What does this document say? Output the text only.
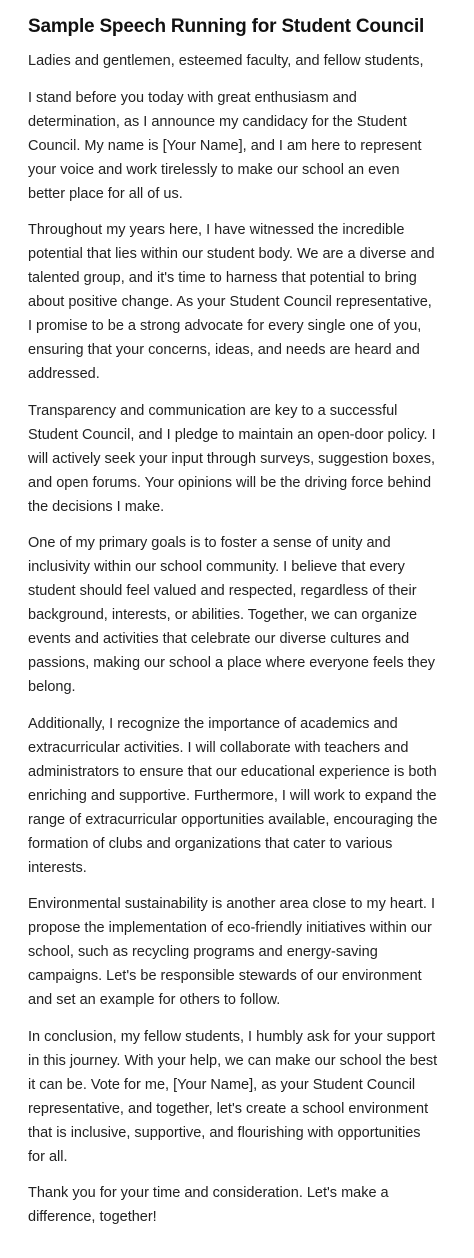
Sample Speech Running for Student Council

Ladies and gentlemen, esteemed faculty, and fellow students,

I stand before you today with great enthusiasm and determination, as I announce my candidacy for the Student Council. My name is [Your Name], and I am here to represent your voice and work tirelessly to make our school an even better place for all of us.

Throughout my years here, I have witnessed the incredible potential that lies within our student body. We are a diverse and talented group, and it's time to harness that potential to bring about positive change. As your Student Council representative, I promise to be a strong advocate for every single one of you, ensuring that your concerns, ideas, and needs are heard and addressed.

Transparency and communication are key to a successful Student Council, and I pledge to maintain an open-door policy. I will actively seek your input through surveys, suggestion boxes, and open forums. Your opinions will be the driving force behind the decisions I make.

One of my primary goals is to foster a sense of unity and inclusivity within our school community. I believe that every student should feel valued and respected, regardless of their background, interests, or abilities. Together, we can organize events and activities that celebrate our diverse cultures and passions, making our school a place where everyone feels they belong.

Additionally, I recognize the importance of academics and extracurricular activities. I will collaborate with teachers and administrators to ensure that our educational experience is both enriching and supportive. Furthermore, I will work to expand the range of extracurricular opportunities available, encouraging the formation of clubs and organizations that cater to various interests.

Environmental sustainability is another area close to my heart. I propose the implementation of eco-friendly initiatives within our school, such as recycling programs and energy-saving campaigns. Let's be responsible stewards of our environment and set an example for others to follow.

In conclusion, my fellow students, I humbly ask for your support in this journey. With your help, we can make our school the best it can be. Vote for me, [Your Name], as your Student Council representative, and together, let's create a school environment that is inclusive, supportive, and flourishing with opportunities for all.

Thank you for your time and consideration. Let's make a difference, together!
